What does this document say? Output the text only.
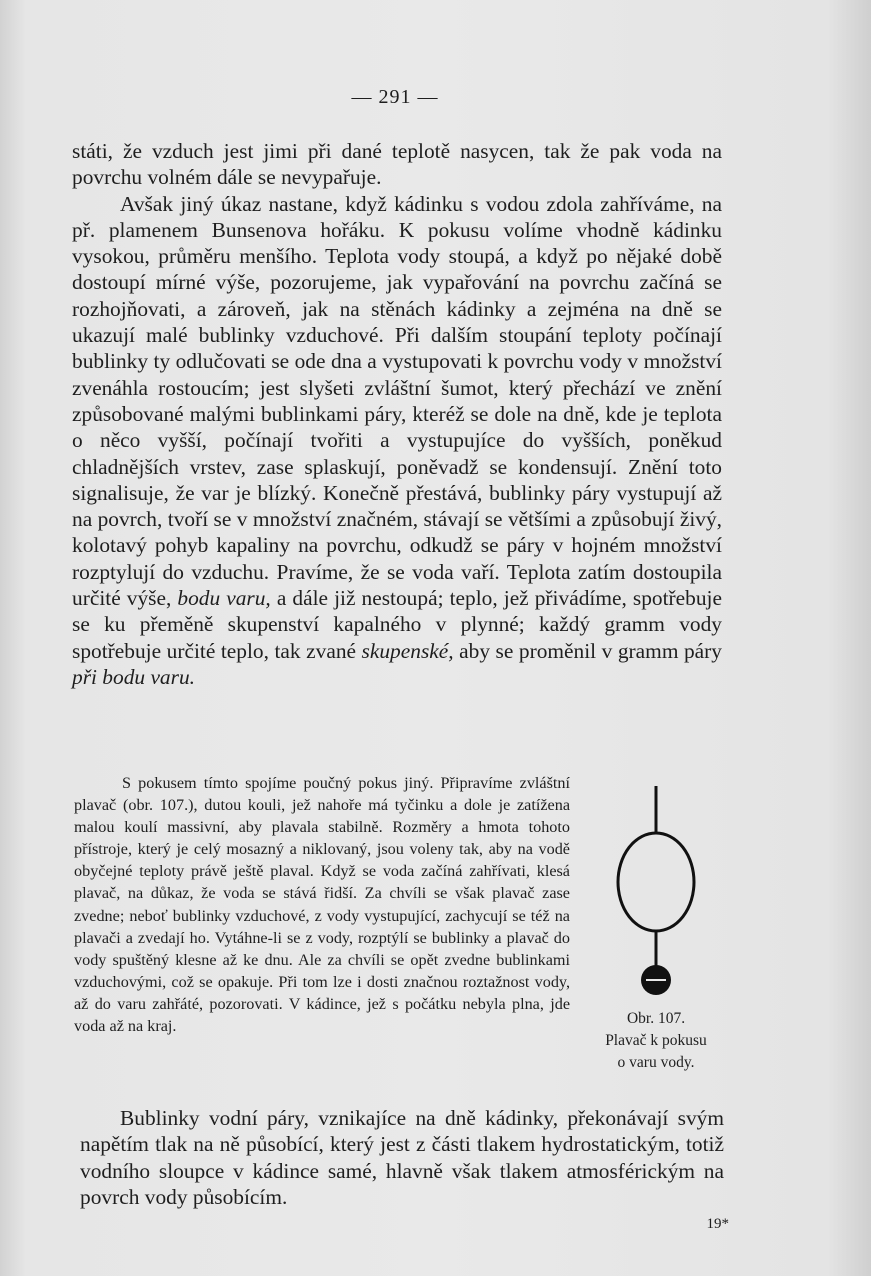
— 291 —

státi, že vzduch jest jimi při dané teplotě nasycen, tak že pak voda na povrchu volném dále se nevypařuje.

Avšak jiný úkaz nastane, když kádinku s vodou zdola zahříváme, na př. plamenem Bunsenova hořáku. K pokusu volíme vhodně kádinku vysokou, průměru menšího. Teplota vody stoupá, a když po nějaké době dostoupí mírné výše, pozorujeme, jak vypařování na povrchu začíná se rozhojňovati, a zároveň, jak na stěnách kádinky a zejména na dně se ukazují malé bublinky vzduchové. Při dalším stoupání teploty počínají bublinky ty odlučovati se ode dna a vystupovati k povrchu vody v množství zvenáhla rostoucím; jest slyšeti zvláštní šumot, který přechází ve znění způsobované malými bublinkami páry, kteréž se dole na dně, kde je teplota o něco vyšší, počínají tvořiti a vystupujíce do vyšších, poněkud chladnějších vrstev, zase splaskují, poněvadž se kondensují. Znění toto signalisuje, že var je blízký. Konečně přestává, bublinky páry vystupují až na povrch, tvoří se v množství značném, stávají se většími a způsobují živý, kolotavý pohyb kapaliny na povrchu, odkudž se páry v hojném množství rozptylují do vzduchu. Pravíme, že se voda vaří. Teplota zatím dostoupila určité výše, bodu varu, a dále již nestoupá; teplo, jež přivádíme, spotřebuje se ku přeměně skupenství kapalného v plynné; každý gramm vody spotřebuje určité teplo, tak zvané skupenské, aby se proměnil v gramm páry při bodu varu.

S pokusem tímto spojíme poučný pokus jiný. Připravíme zvláštní plavač (obr. 107.), dutou kouli, jež nahoře má tyčinku a dole je zatížena malou koulí massivní, aby plavala stabilně. Rozměry a hmota tohoto přístroje, který je celý mosazný a niklovaný, jsou voleny tak, aby na vodě obyčejné teploty právě ještě plaval. Když se voda začíná zahřívati, klesá plavač, na důkaz, že voda se stává řidší. Za chvíli se však plavač zase zvedne; neboť bublinky vzduchové, z vody vystupující, zachycují se též na plavači a zvedají ho. Vytáhne-li se z vody, rozptýlí se bublinky a plavač do vody spuštěný klesne až ke dnu. Ale za chvíli se opět zvedne bublinkami vzduchovými, což se opakuje. Při tom lze i dosti značnou roztažnost vody, až do varu zahřáté, pozorovati. V kádince, jež s počátku nebyla plna, jde voda až na kraj.	Obr. 107.
Plavač k pokusu
o varu vody.

Bublinky vodní páry, vznikajíce na dně kádinky, překonávají svým napětím tlak na ně působící, který jest z části tlakem hydrostatickým, totiž vodního sloupce v kádince samé, hlavně však tlakem atmosférickým na povrch vody působícím.

19*
